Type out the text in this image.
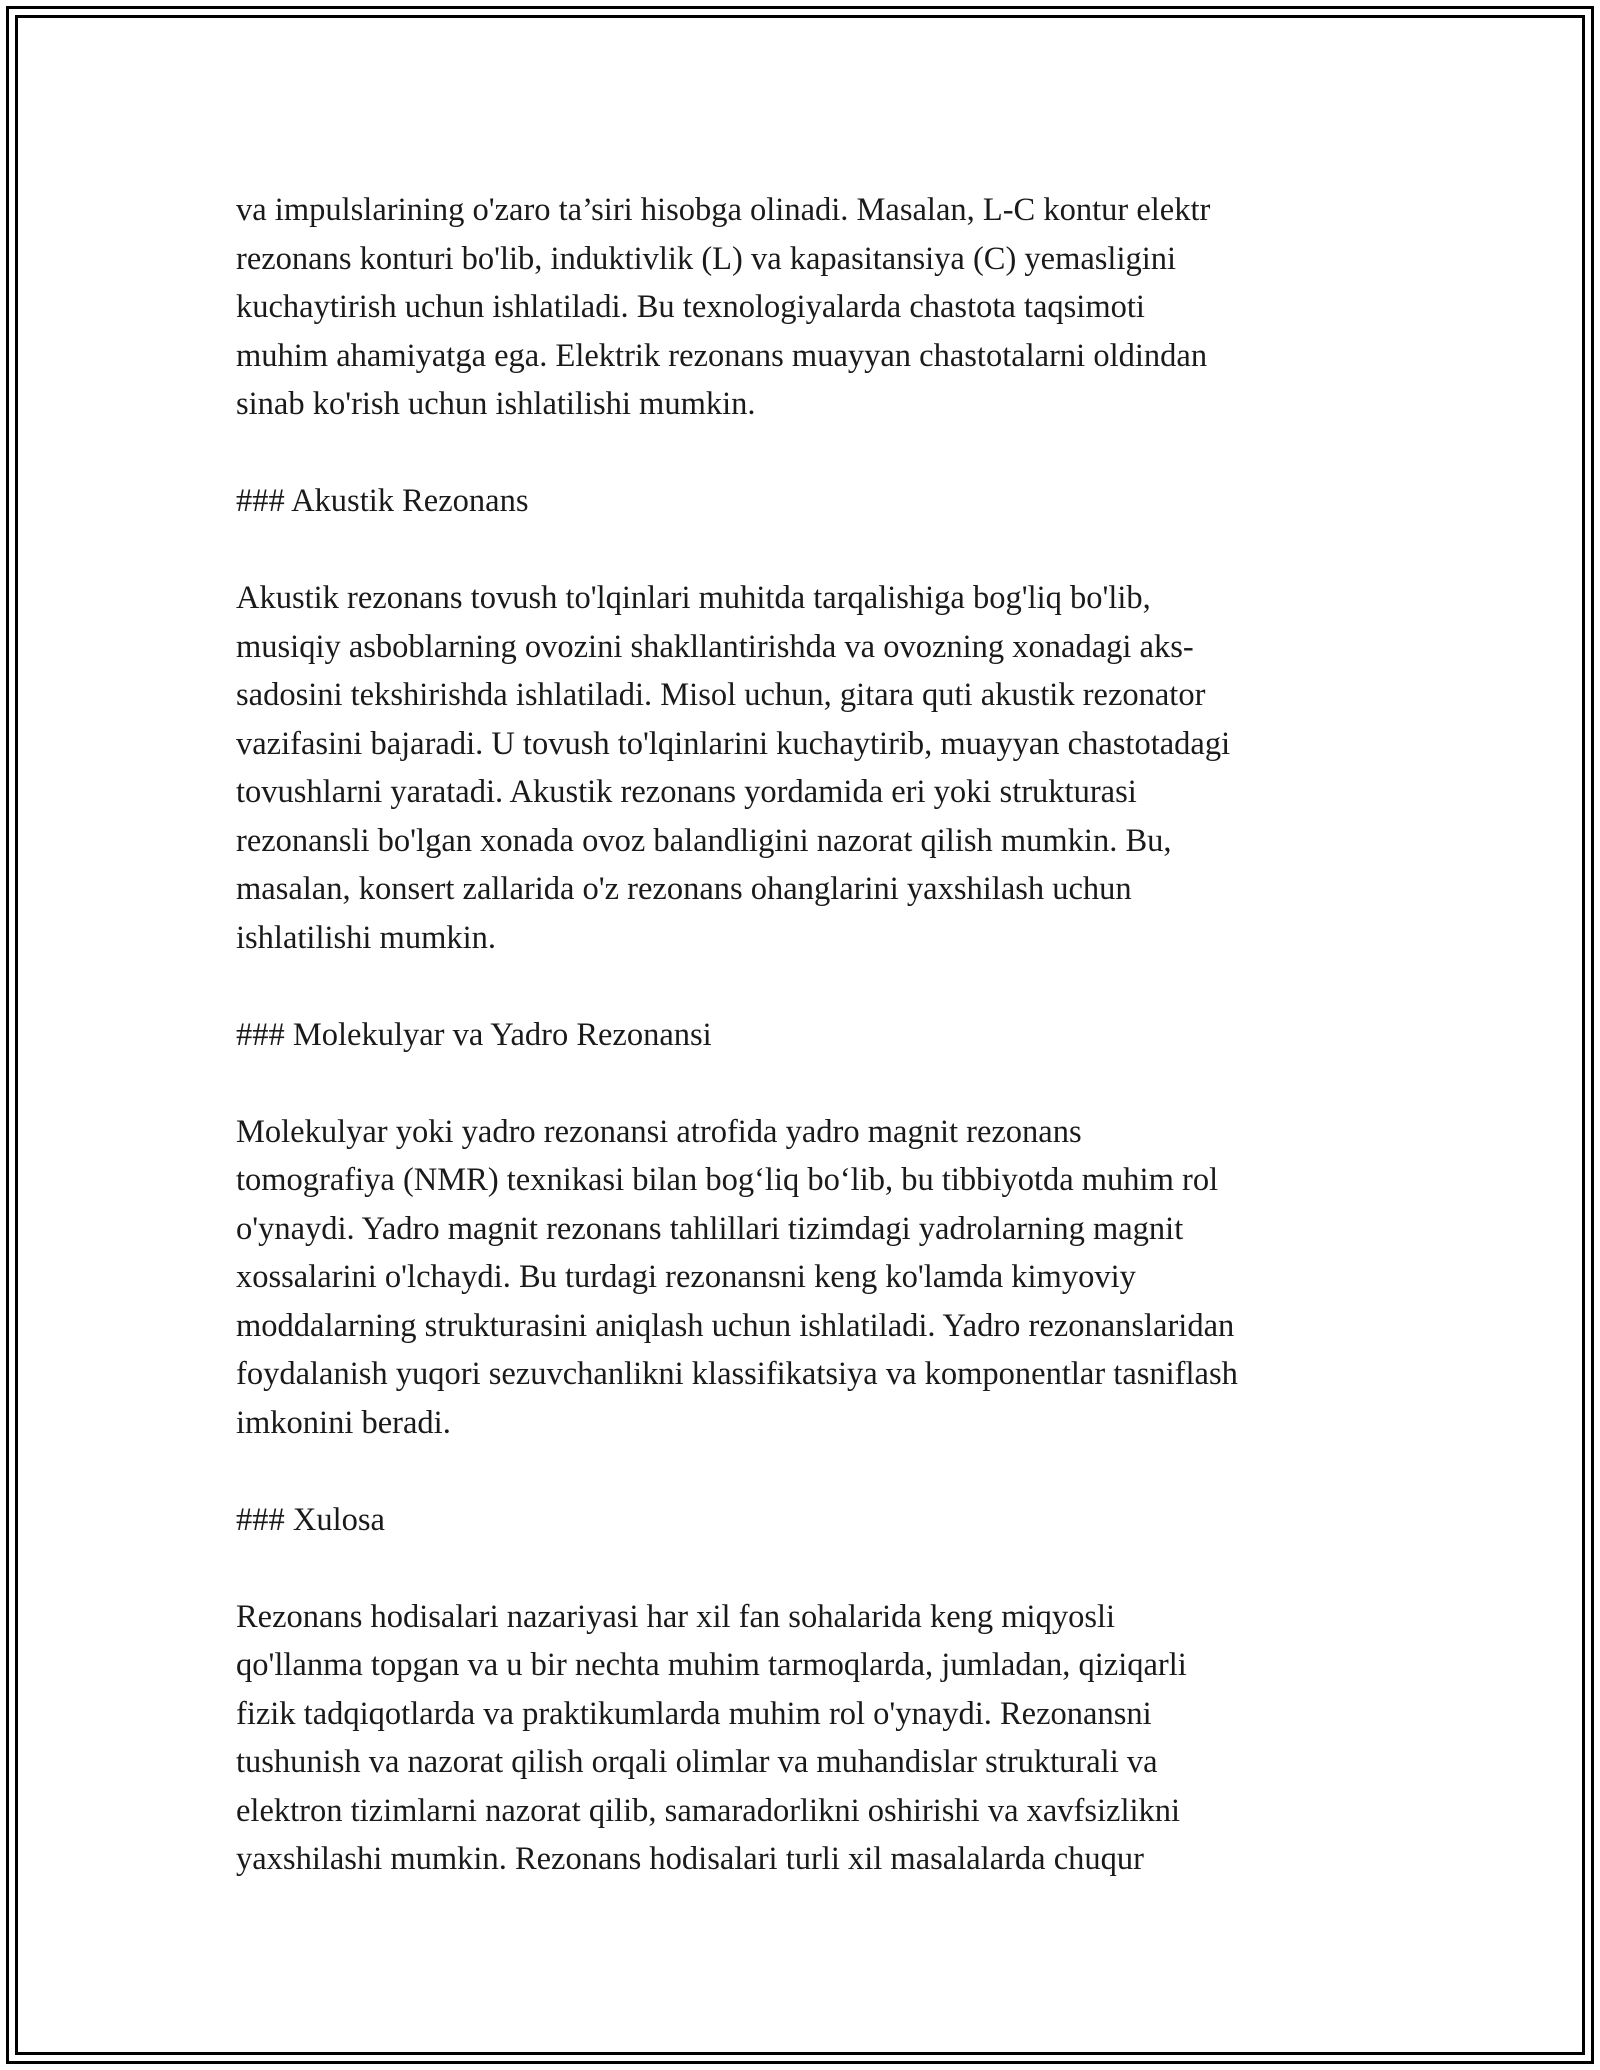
va impulslarining o'zaro ta’siri hisobga olinadi. Masalan, L-C kontur elektr
rezonans konturi bo'lib, induktivlik (L) va kapasitansiya (C) yemasligini
kuchaytirish uchun ishlatiladi. Bu texnologiyalarda chastota taqsimoti
muhim ahamiyatga ega. Elektrik rezonans muayyan chastotalarni oldindan
sinab ko'rish uchun ishlatilishi mumkin.

### Akustik Rezonans

Akustik rezonans tovush to'lqinlari muhitda tarqalishiga bog'liq bo'lib,
musiqiy asboblarning ovozini shakllantirishda va ovozning xonadagi aks-
sadosini tekshirishda ishlatiladi. Misol uchun, gitara quti akustik rezonator
vazifasini bajaradi. U tovush to'lqinlarini kuchaytirib, muayyan chastotadagi
tovushlarni yaratadi. Akustik rezonans yordamida eri yoki strukturasi
rezonansli bo'lgan xonada ovoz balandligini nazorat qilish mumkin. Bu,
masalan, konsert zallarida o'z rezonans ohanglarini yaxshilash uchun
ishlatilishi mumkin.

### Molekulyar va Yadro Rezonansi

Molekulyar yoki yadro rezonansi atrofida yadro magnit rezonans
tomografiya (NMR) texnikasi bilan bog‘liq bo‘lib, bu tibbiyotda muhim rol
o'ynaydi. Yadro magnit rezonans tahlillari tizimdagi yadrolarning magnit
xossalarini o'lchaydi. Bu turdagi rezonansni keng ko'lamda kimyoviy
moddalarning strukturasini aniqlash uchun ishlatiladi. Yadro rezonanslaridan
foydalanish yuqori sezuvchanlikni klassifikatsiya va komponentlar tasniflash
imkonini beradi.

### Xulosa

Rezonans hodisalari nazariyasi har xil fan sohalarida keng miqyosli
qo'llanma topgan va u bir nechta muhim tarmoqlarda, jumladan, qiziqarli
fizik tadqiqotlarda va praktikumlarda muhim rol o'ynaydi. Rezonansni
tushunish va nazorat qilish orqali olimlar va muhandislar strukturali va
elektron tizimlarni nazorat qilib, samaradorlikni oshirishi va xavfsizlikni
yaxshilashi mumkin. Rezonans hodisalari turli xil masalalarda chuqur
